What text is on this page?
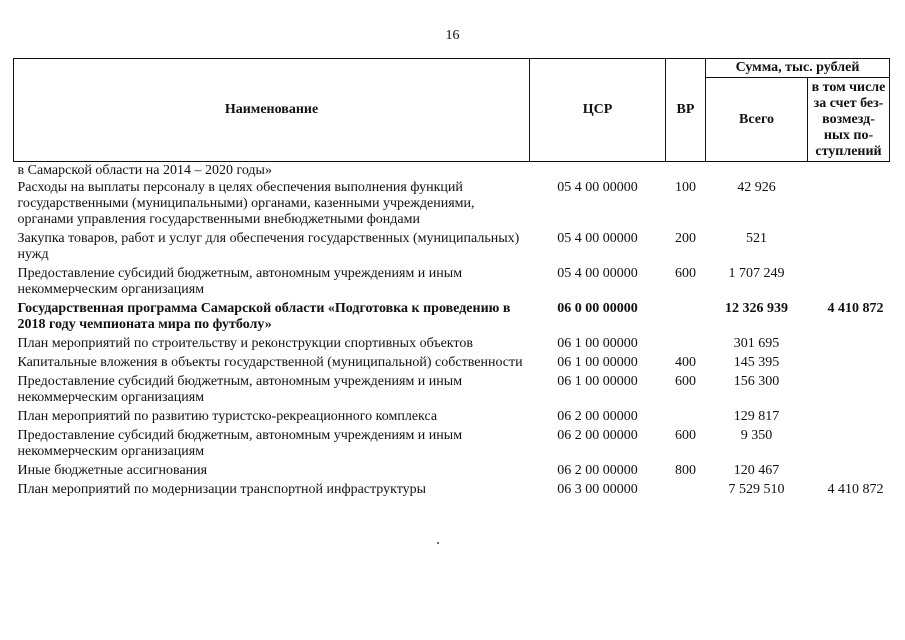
16
Наименование	ЦСР	ВР	Сумма, тыс. рублей	
			Всего	в том числе за счет без-возмезд-ных по-ступлений
в Самарской области на 2014 – 2020 годы»				
Расходы на выплаты персоналу в целях обеспечения выполнения функций государственными (муниципальными) органами, казенными учреждениями, органами управления государственными внебюджетными фондами	05 4 00 00000	100	42 926	
Закупка товаров, работ и услуг для обеспечения государственных (муниципальных) нужд	05 4 00 00000	200	521	
Предоставление субсидий бюджетным, автономным учреждениям и иным некоммерческим организациям	05 4 00 00000	600	1 707 249	
Государственная программа Самарской области «Подготовка к проведению в 2018 году чемпионата мира по футболу»	06 0 00 00000		12 326 939	4 410 872
План мероприятий по строительству и реконструкции спортивных объектов	06 1 00 00000		301 695	
Капитальные вложения в объекты государственной (муниципальной) собственности	06 1 00 00000	400	145 395	
Предоставление субсидий бюджетным, автономным учреждениям и иным некоммерческим организациям	06 1 00 00000	600	156 300	
План мероприятий по развитию туристско-рекреационного комплекса	06 2 00 00000		129 817	
Предоставление субсидий бюджетным, автономным учреждениям и иным некоммерческим организациям	06 2 00 00000	600	9 350	
Иные бюджетные ассигнования	06 2 00 00000	800	120 467	
План мероприятий по модернизации транспортной инфраструктуры	06 3 00 00000		7 529 510	4 410 872
